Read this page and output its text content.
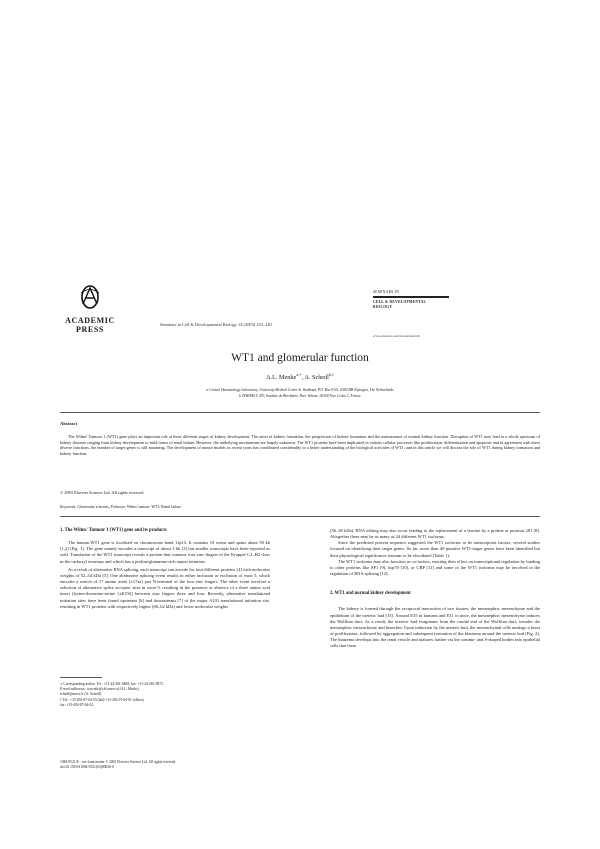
ACADEMIC
PRESS
Seminars in Cell & Developmental Biology 14 (2003) 233–240
SEMINARS IN
CELL & DEVELOPMENTAL
BIOLOGY
www.elsevier.com/locate/semcdb
WT1 and glomerular function
A.L. Menke$^{a,∗}$, A. Schedl$^{b,1}$
a Central Haematology Laboratory, University Medical Centre St. Radboud, P.O. Box 9101, 6500 HB Nijmegen, The Netherlands
b INSERM U 470, Institute de Biochimie, Parc Valrose, 06108 Nice Cedex 2, France
Abstract
The Wilms' Tumour 1 (WT1) gene plays an important role at three different stages of kidney development. The onset of kidney formation, the progression of kidney formation and the maintenance of normal kidney function. Disruption of WT1 may lead to a whole spectrum of kidney diseases ranging from kidney development to mild forms of renal failure. However, the underlying mechanisms are largely unknown. The WT1 proteins have been implicated in various cellular processes like proliferation, differentiation and apoptosis and in agreement with these diverse functions, the number of target genes is still mounting. The development of mouse models in recent years has contributed considerably to a better understanding of the biological activities of WT1, and in this article we will discuss the role of WT1 during kidney formation and kidney function.
© 2003 Elsevier Science Ltd. All rights reserved.
Keywords: Glomerular sclerosis; Podocyte; Wilms' tumour; WT1; Renal failure
1. The Wilms' Tumour 1 (WT1) gene and its products

The human WT1 gene is localised on chromosome band 11p13. It contains 10 exons and spans about 50 kb [1,2] (Fig. 1). The gene mainly encodes a transcript of about 3 kb [3] but smaller transcripts have been reported as well. Translation of the WT1 transcript reveals a protein that contains four zinc fingers of the Kruppel C2–H2 class in the carboxyl terminus and which has a proline/glutamine-rich amino terminus.

As a result of alternative RNA splicing, each transcript can encode for four different proteins [4] with molecular weights of 52–54 kDa [5]. One alternative splicing event results in either inclusion or exclusion of exon 5, which encodes a stretch of 17 amino acids (±17aa) just N-terminal of the four zinc fingers. The other event involves a selection of alternative splice acceptor sites in exon 9, resulting in the presence or absence of a three amino acid insert (lysine-threonine-serine [±KTS]) between zinc fingers three and four. Recently, alternative translational initiation sites have been found upstream [6] and downstream [7] of the major AUG translational initiation site, resulting in WT1 proteins with respectively higher (60–62 kDa) and lower molecular weights

(36–38 kDa). RNA editing may also occur leading to the replacement of a leucine by a proline at position 281 [8]. Altogether there may be as many as 24 different WT1 isoforms.

Since the predicted protein sequence suggested the WT1 isoforms to be transcription factors, several studies focused on identifying their target genes. So far, more than 40 putative WT1-target genes have been identified but their physiological significance remains to be elucidated (Table 1).

The WT1 isoforms may also function as co-factors, exerting their effect on transcriptional regulation by binding to other proteins like SF1 [9], hsp70 [10], or CBP [11] and some of the WT1 isoforms may be involved in the regulation of RNA splicing [12].

2. WT1 and normal kidney development

The kidney is formed through the reciprocal interaction of two tissues; the metanephric mesenchyme and the epithelium of the ureteric bud [13]. Around E35 in humans and E11 in mice, the metanephric mesenchyme induces the Wolffian duct. As a result, the ureteric bud evaginates from the caudal end of the Wolffian duct, invades the metanephric mesenchyme and branches. Upon induction by the ureteric bud, the mesenchymal cells undergo a burst of proliferation, followed by aggregation and subsequent formation of the blastema around the ureteric bud (Fig. 2). The blastema develops into the renal vesicle and matures farther via the comma- and S-shaped bodies into epithelial cells that form

∗ Corresponding author. Tel.: +31-24-361-0408; fax: +31-24-361-0873.
E-mail addresses: a.menke@chl.umcn.nl (A.L. Menke),
schedl@unice.fr (A. Schedl).
1 Tel.: +33-492-07-64-53 (lab)/+33-492-07-64-01 (office);
fax: +33-492-07-64-02.
1084-9521/$ – see front matter © 2003 Elsevier Science Ltd. All rights reserved.
doi:10.1016/S1084-9521(03)00026-0
